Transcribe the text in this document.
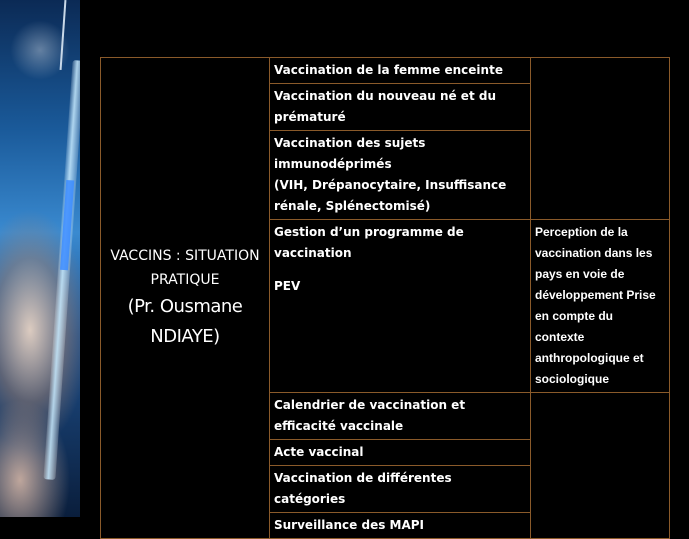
VACCINS : SITUATION PRATIQUE
(Pr. Ousmane
NDIAYE)	Vaccination de la femme enceinte	
	Vaccination du nouveau né et du prématuré	
	Vaccination des sujets immunodéprimés
(VIH, Drépanocytaire, Insuffisance rénale, Splénectomisé)	
	Gestion d’un programme de vaccination
PEV	Perception de la vaccination dans les pays en voie de développement Prise en compte du contexte anthropologique et sociologique
	Calendrier de vaccination et efficacité vaccinale	
	Acte vaccinal	
	Vaccination de différentes catégories	
	Surveillance des MAPI	
